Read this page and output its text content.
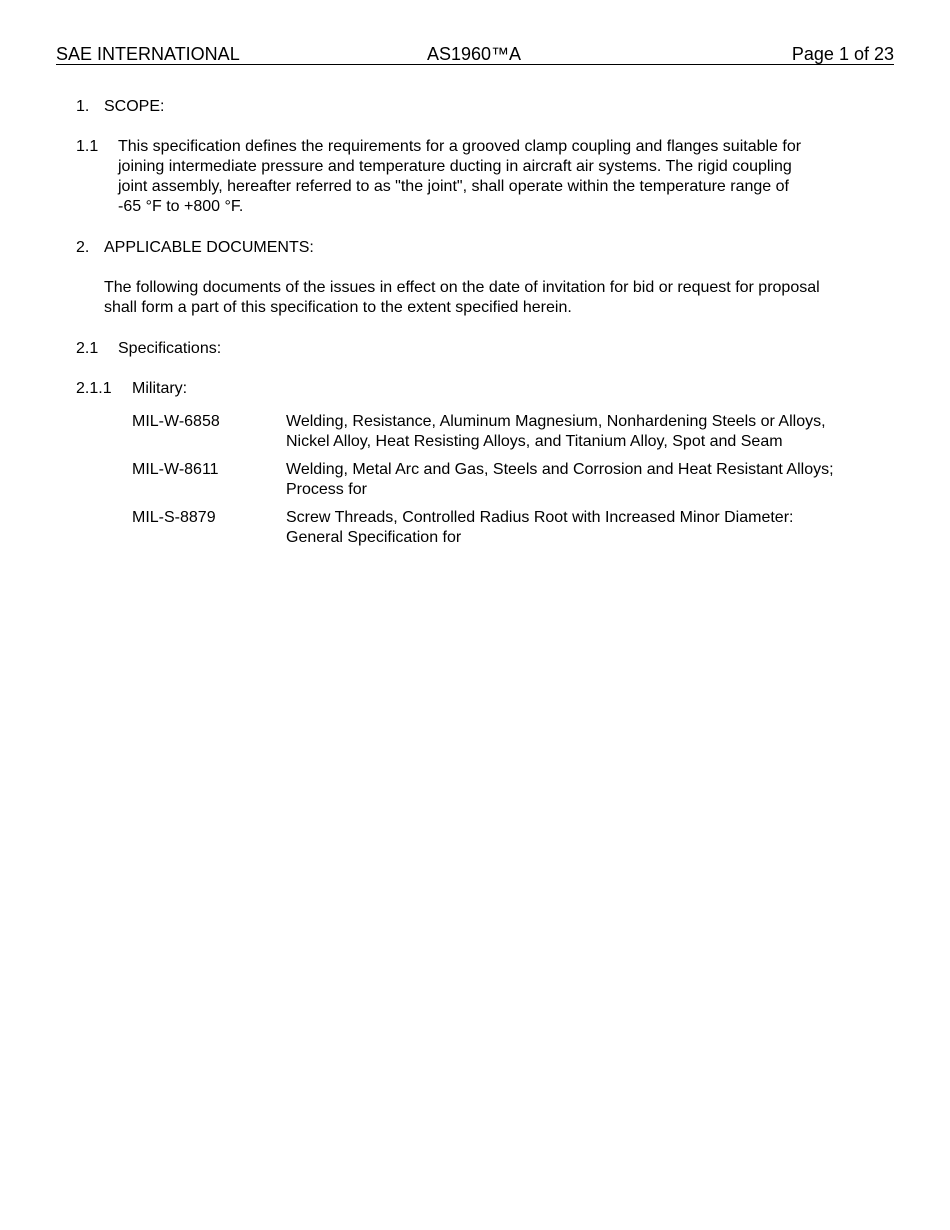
SAE INTERNATIONAL	AS1960™A	Page 1 of 23
1. SCOPE:
1.1 This specification defines the requirements for a grooved clamp coupling and flanges suitable for
joining intermediate pressure and temperature ducting in aircraft air systems. The rigid coupling
joint assembly, hereafter referred to as "the joint", shall operate within the temperature range of
-65 °F to +800 °F.
2. APPLICABLE DOCUMENTS:
The following documents of the issues in effect on the date of invitation for bid or request for proposal
shall form a part of this specification to the extent specified herein.
2.1 Specifications:
2.1.1 Military:
MIL-W-6858	Welding, Resistance, Aluminum Magnesium, Nonhardening Steels or Alloys,
Nickel Alloy, Heat Resisting Alloys, and Titanium Alloy, Spot and Seam
MIL-W-8611	Welding, Metal Arc and Gas, Steels and Corrosion and Heat Resistant Alloys;
Process for
MIL-S-8879	Screw Threads, Controlled Radius Root with Increased Minor Diameter:
General Specification for
